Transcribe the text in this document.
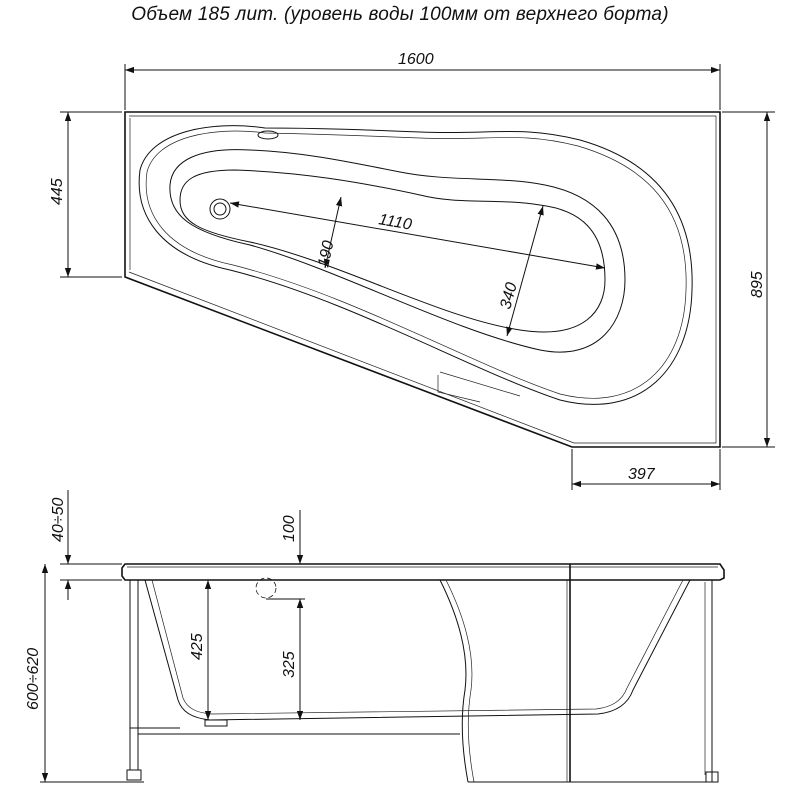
Объем 185 лит. (уровень воды 100мм от верхнего борта)
1600
445
895
397
1110
190
340
40÷50
600÷620
425
100
325
